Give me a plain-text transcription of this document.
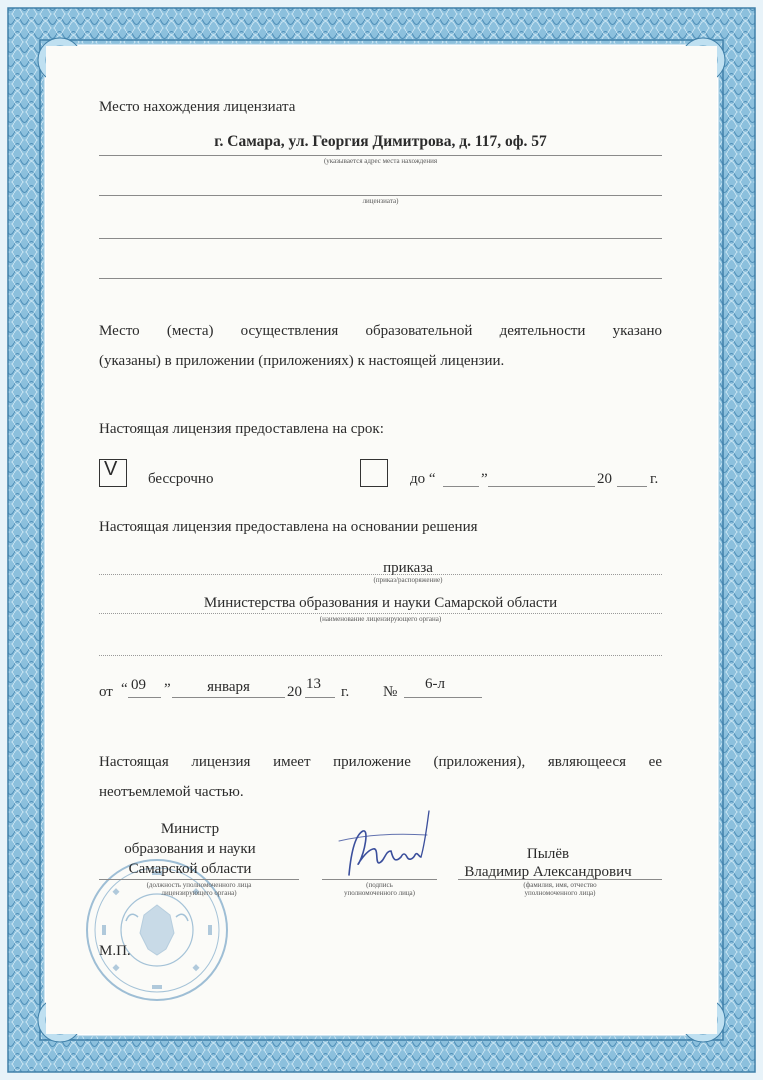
Место нахождения лицензиата
г. Самара, ул. Георгия Димитрова, д. 117, оф. 57
(указывается адрес места нахождения
лицензиата)
Место (места) осуществления образовательной деятельности указано
(указаны) в приложении (приложениях) к настоящей лицензии.
Настоящая лицензия предоставлена на срок:
V бессрочно	до “	”	20	г.
Настоящая лицензия предоставлена на основании решения
приказа
(приказ/распоряжение)
Министерства образования и науки Самарской области
(наименование лицензирующего органа)
от “ 09 ”	января	20 13 г. № 6-л
Настоящая лицензия имеет приложение (приложения), являющееся ее
неотъемлемой частью.
Министр
образования и науки
Самарской области
(должность уполномоченного лица
лицензирующего органа)
(подпись
уполномоченного лица)
Пылёв
Владимир Александрович
(фамилия, имя, отчество
уполномоченного лица)
М.П.
